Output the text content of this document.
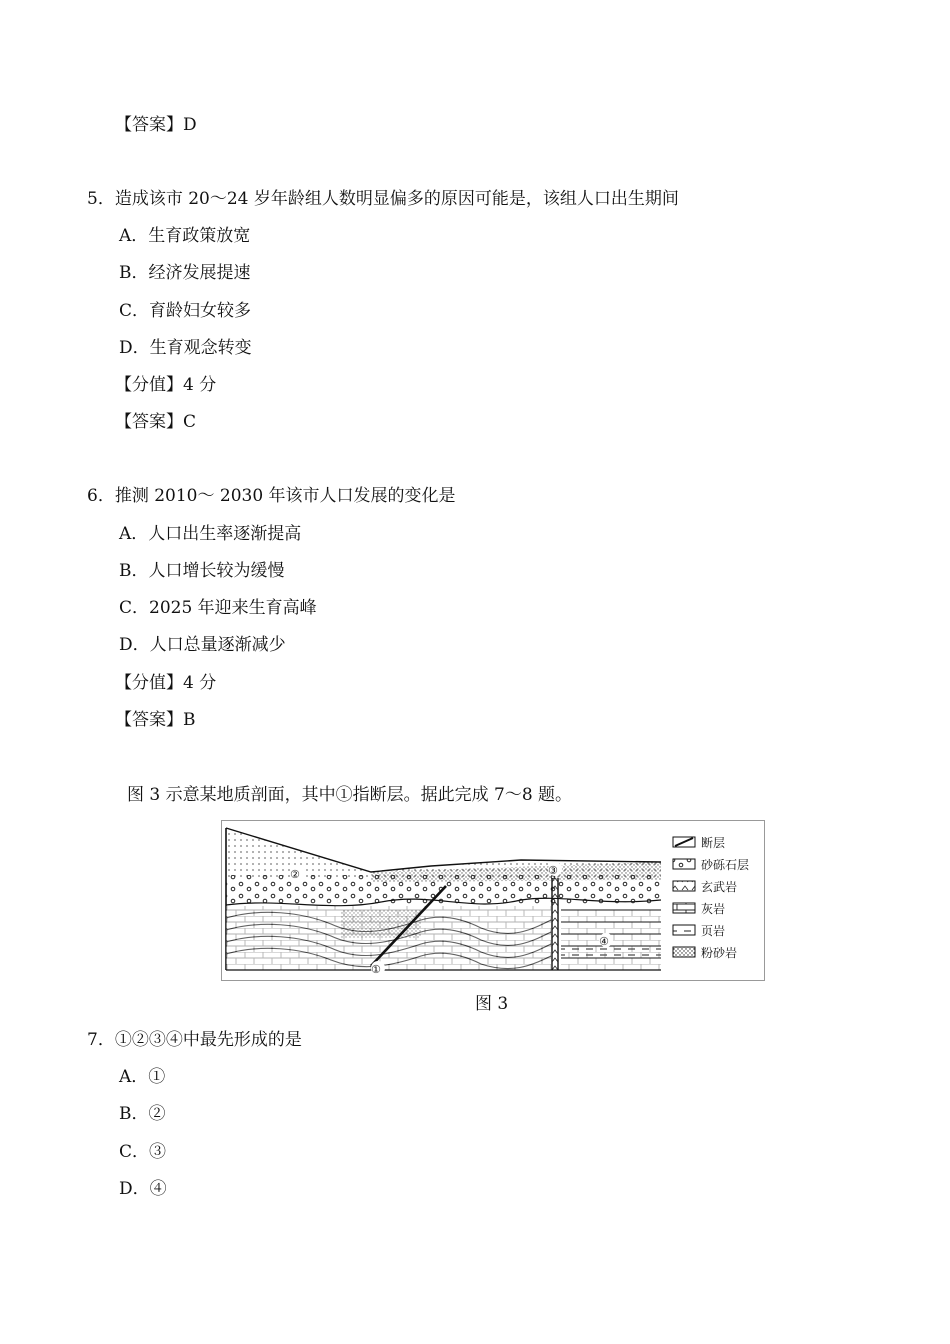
【答案】D
5．造成该市 20～24 岁年龄组人数明显偏多的原因可能是，该组人口出生期间
A．生育政策放宽
B．经济发展提速
C．育龄妇女较多
D．生育观念转变
【分值】4 分
【答案】C
6．推测 2010～ 2030 年该市人口发展的变化是
A．人口出生率逐渐提高
B．人口增长较为缓慢
C．2025 年迎来生育高峰
D．人口总量逐渐减少
【分值】4 分
【答案】B
图 3 示意某地质剖面，其中①指断层。据此完成 7～8 题。
①
②	③
④
断层
砂砾石层
玄武岩
灰岩
页岩
粉砂岩
图 3
7．①②③④中最先形成的是
A．①
B．②
C．③
D．④
